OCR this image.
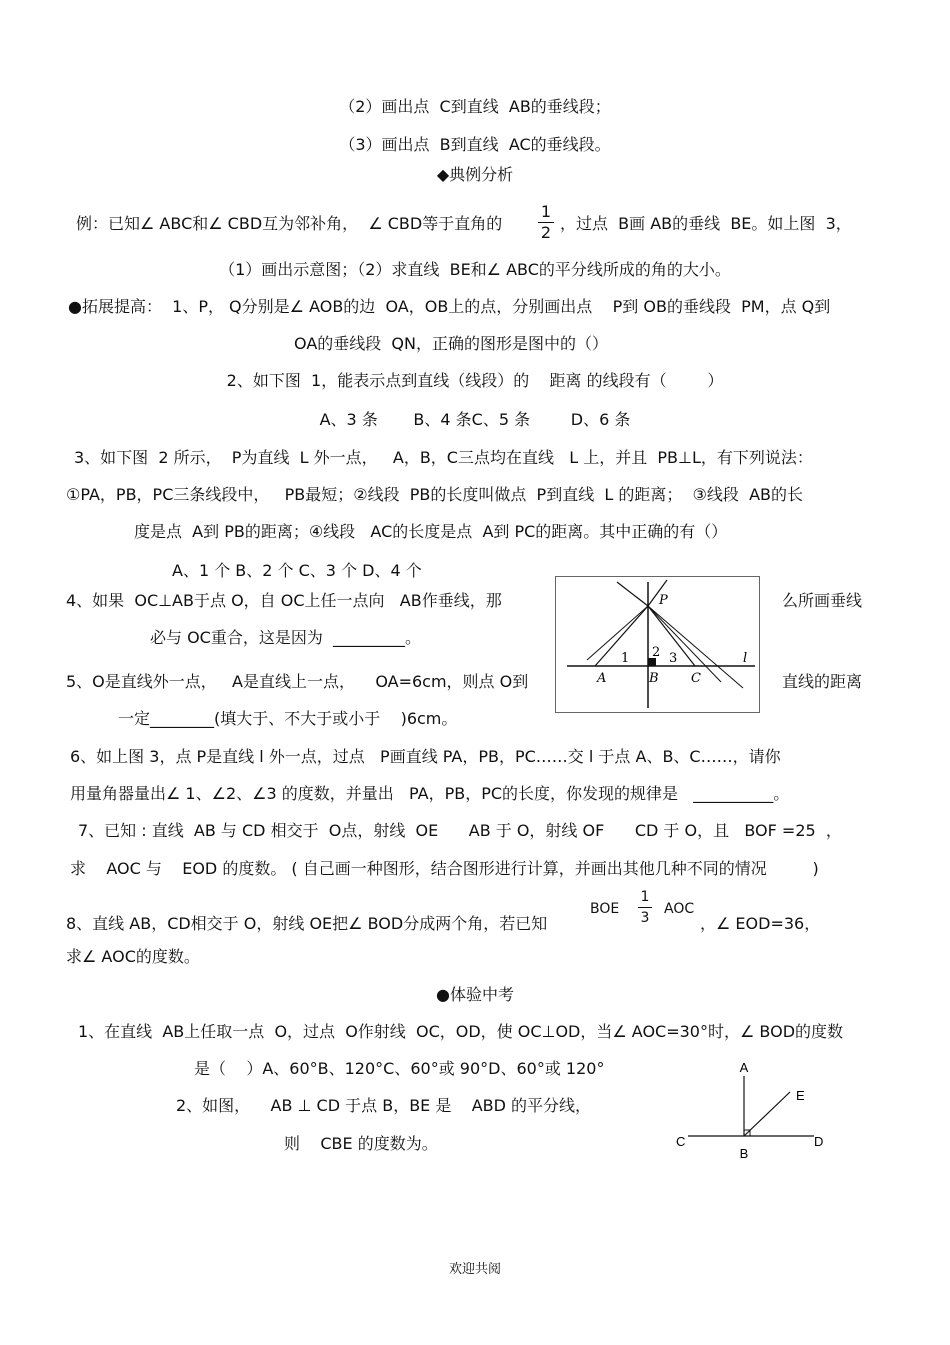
（2）画出点  C到直线  AB的垂线段；
（3）画出点  B到直线  AC的垂线段。
◆典例分析
例：已知∠ ABC和∠ CBD互为邻补角，  ∠ CBD等于直角的
1
2 ，过点  B画 AB的垂线  BE。如上图  3，
（1）画出示意图；（2）求直线  BE和∠ ABC的平分线所成的角的大小。
●拓展提高：  1、P， Q分别是∠ AOB的边  OA，OB上的点，分别画出点    P到 OB的垂线段  PM，点 Q到
OA的垂线段  QN，正确的图形是图中的（）
2、如下图  1，能表示点到直线（线段）的    距离 的线段有（        ）
A、3 条       B、4 条C、5 条        D、6 条
3、如下图  2 所示，  P为直线  L 外一点，   A，B，C三点均在直线   L 上，并且  PB⊥L，有下列说法：
①PA，PB，PC三条线段中，   PB最短；②线段  PB的长度叫做点  P到直线  L 的距离；  ③线段  AB的长
度是点  A到 PB的距离；④线段   AC的长度是点  A到 PC的距离。其中正确的有（）
A、1 个 B、2 个 C、3 个 D、4 个
4、如果  OC⊥AB于点 O，自 OC上任一点向   AB作垂线，那	么所画垂线
必与 OC重合，这是因为  _________。
5、O是直线外一点，   A是直线上一点，    OA=6cm，则点 O到	直线的距离
一定________(填大于、不大于或小于    )6cm。
P
1 2 3	l
A	B C
6、如上图 3，点 P是直线 l 外一点，过点   P画直线 PA，PB，PC……交 l 于点 A、B、C……，请你
用量角器量出∠ 1、∠2、∠3 的度数，并量出   PA，PB，PC的长度，你发现的规律是   __________。
7、已知 : 直线  AB 与 CD 相交于  O点，射线  OE      AB 于 O，射线 OF      CD 于 O，且   BOF =25  ，
求    AOC 与    EOD 的度数。 ( 自己画一种图形，结合图形进行计算，并画出其他几种不同的情况         )
8、直线 AB，CD相交于 O，射线 OE把∠ BOD分成两个角，若已知
BOE
1
3
AOC
，∠ EOD=36，
求∠ AOC的度数。
●体验中考
1、在直线  AB上任取一点  O，过点  O作射线  OC，OD，使 OC⊥OD，当∠ AOC=30°时，∠ BOD的度数
是（    ）A、60°B、120°C、60°或 90°D、60°或 120°
2、如图，    AB ⊥ CD 于点 B，BE 是    ABD 的平分线，
则    CBE 的度数为。
A
E
C
B
D
欢迎共阅
